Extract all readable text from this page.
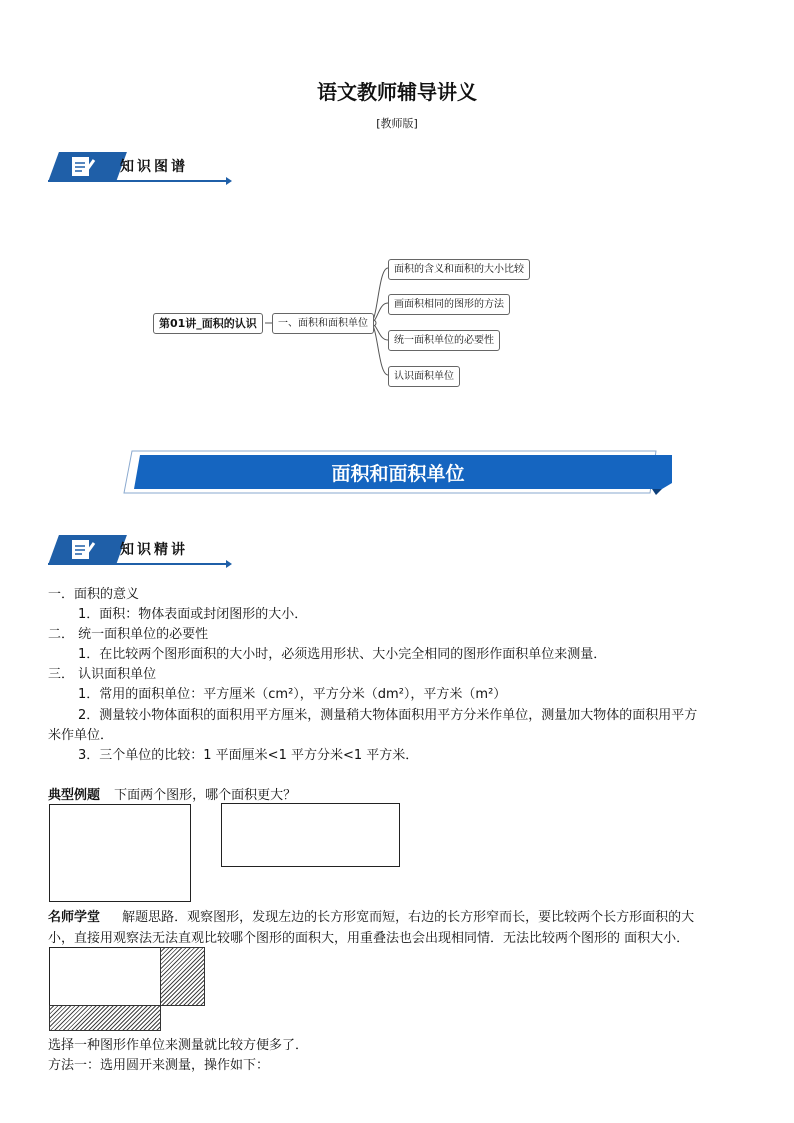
语文教师辅导讲义
[教师版]
知识图谱
第01讲_面积的认识	一、面积和面积单位
面积的含义和面积的大小比较
画面积相同的图形的方法
统一面积单位的必要性
认识面积单位
面积和面积单位
知识精讲
一．面积的意义
1．面积：物体表面或封闭图形的大小．
二． 统一面积单位的必要性
1．在比较两个图形面积的大小时，必须选用形状、大小完全相同的图形作面积单位来测量．
三． 认识面积单位
1．常用的面积单位：平方厘米（cm²），平方分米（dm²），平方米（m²）
2．测量较小物体面积的面积用平方厘米，测量稍大物体面积用平方分米作单位，测量加大物体的面积用平方
米作单位．
3．三个单位的比较：1 平面厘米<1 平方分米<1 平方米．
典型例题 下面两个图形，哪个面积更大？
名师学堂 解题思路．观察图形，发现左边的长方形宽而短，右边的长方形窄而长，要比较两个长方形面积的大
小，直接用观察法无法直观比较哪个图形的面积大，用重叠法也会出现相同情．无法比较两个图形的 面积大小．
选择一种图形作单位来测量就比较方便多了．
方法一：选用圆开来测量，操作如下：
